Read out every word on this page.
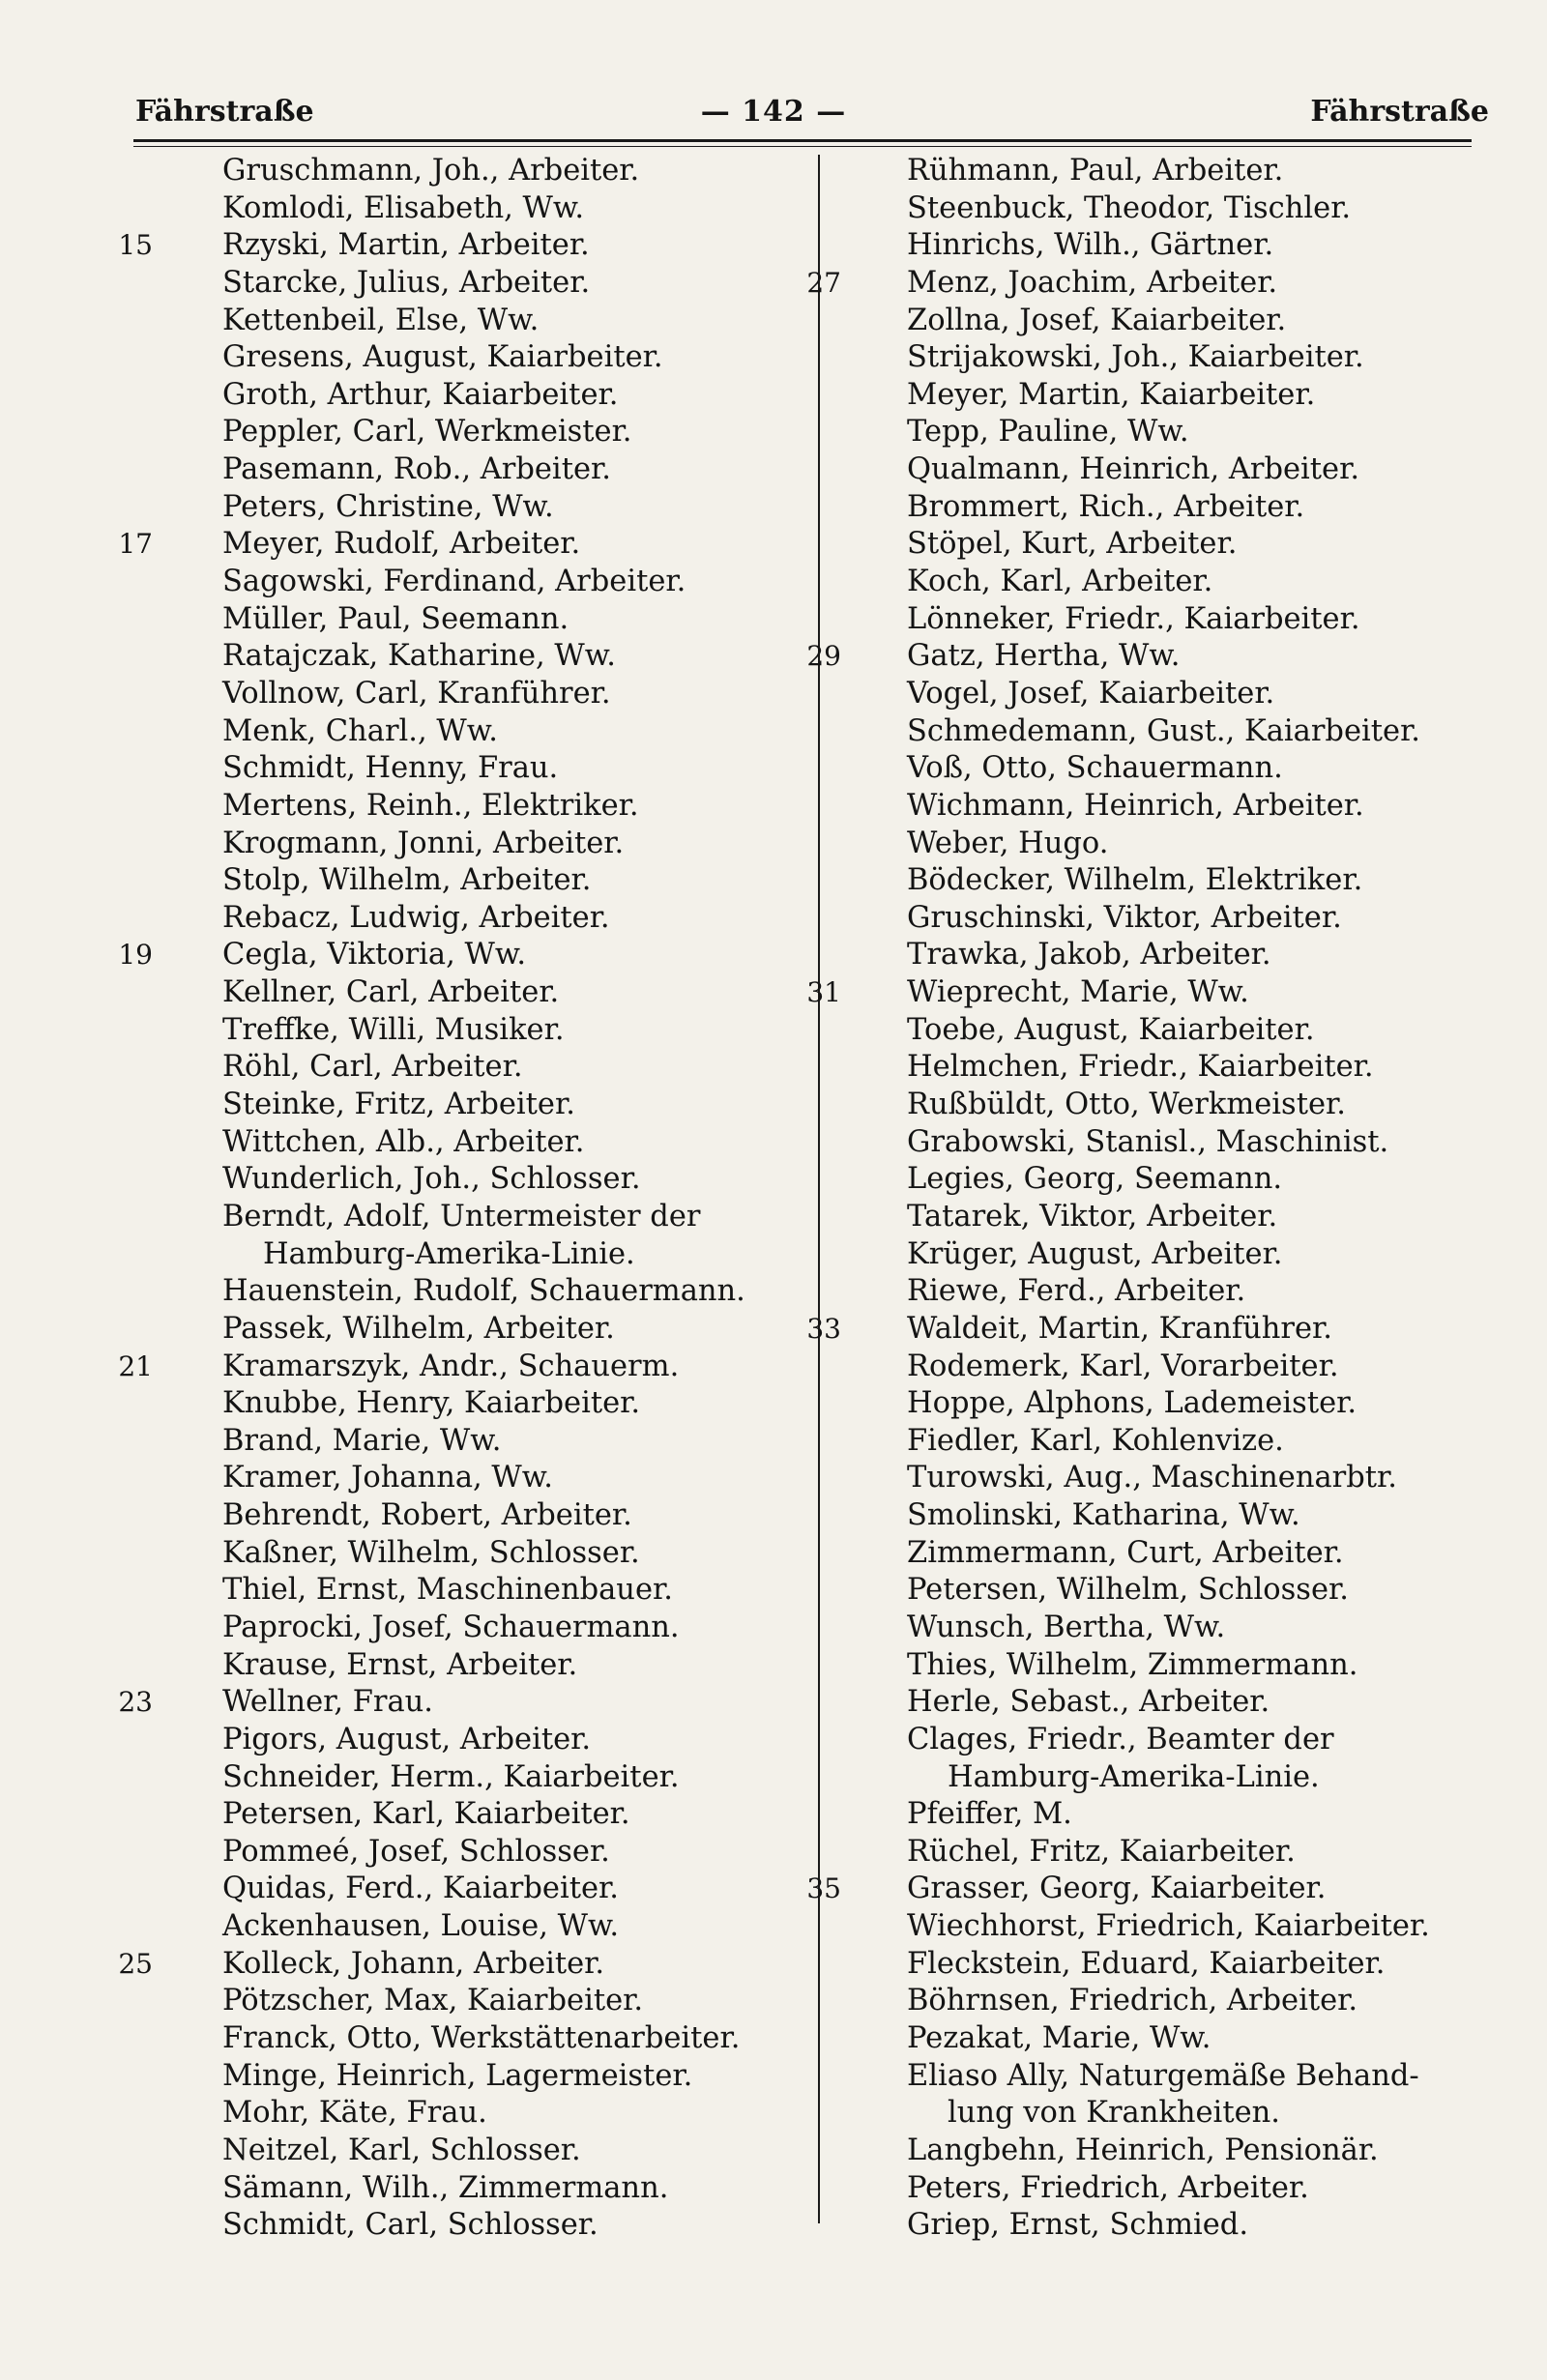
Fährstraße	— 142 —	Fährstraße
Gruschmann, Joh., Arbeiter.
Komlodi, Elisabeth, Ww.
15 Rzyski, Martin, Arbeiter.
Starcke, Julius, Arbeiter.
Kettenbeil, Else, Ww.
Gresens, August, Kaiarbeiter.
Groth, Arthur, Kaiarbeiter.
Peppler, Carl, Werkmeister.
Pasemann, Rob., Arbeiter.
Peters, Christine, Ww.
17 Meyer, Rudolf, Arbeiter.
Sagowski, Ferdinand, Arbeiter.
Müller, Paul, Seemann.
Ratajczak, Katharine, Ww.
Vollnow, Carl, Kranführer.
Menk, Charl., Ww.
Schmidt, Henny, Frau.
Mertens, Reinh., Elektriker.
Krogmann, Jonni, Arbeiter.
Stolp, Wilhelm, Arbeiter.
Rebacz, Ludwig, Arbeiter.
19 Cegla, Viktoria, Ww.
Kellner, Carl, Arbeiter.
Treffke, Willi, Musiker.
Röhl, Carl, Arbeiter.
Steinke, Fritz, Arbeiter.
Wittchen, Alb., Arbeiter.
Wunderlich, Joh., Schlosser.
Berndt, Adolf, Untermeister der
Hamburg-Amerika-Linie.
Hauenstein, Rudolf, Schauermann.
Passek, Wilhelm, Arbeiter.
21 Kramarszyk, Andr., Schauerm.
Knubbe, Henry, Kaiarbeiter.
Brand, Marie, Ww.
Kramer, Johanna, Ww.
Behrendt, Robert, Arbeiter.
Kaßner, Wilhelm, Schlosser.
Thiel, Ernst, Maschinenbauer.
Paprocki, Josef, Schauermann.
Krause, Ernst, Arbeiter.
23 Wellner, Frau.
Pigors, August, Arbeiter.
Schneider, Herm., Kaiarbeiter.
Petersen, Karl, Kaiarbeiter.
Pommeé, Josef, Schlosser.
Quidas, Ferd., Kaiarbeiter.
Ackenhausen, Louise, Ww.
25 Kolleck, Johann, Arbeiter.
Pötzscher, Max, Kaiarbeiter.
Franck, Otto, Werkstättenarbeiter.
Minge, Heinrich, Lagermeister.
Mohr, Käte, Frau.
Neitzel, Karl, Schlosser.
Sämann, Wilh., Zimmermann.
Schmidt, Carl, Schlosser.
Rühmann, Paul, Arbeiter.
Steenbuck, Theodor, Tischler.
Hinrichs, Wilh., Gärtner.
27 Menz, Joachim, Arbeiter.
Zollna, Josef, Kaiarbeiter.
Strijakowski, Joh., Kaiarbeiter.
Meyer, Martin, Kaiarbeiter.
Tepp, Pauline, Ww.
Qualmann, Heinrich, Arbeiter.
Brommert, Rich., Arbeiter.
Stöpel, Kurt, Arbeiter.
Koch, Karl, Arbeiter.
Lönneker, Friedr., Kaiarbeiter.
29 Gatz, Hertha, Ww.
Vogel, Josef, Kaiarbeiter.
Schmedemann, Gust., Kaiarbeiter.
Voß, Otto, Schauermann.
Wichmann, Heinrich, Arbeiter.
Weber, Hugo.
Bödecker, Wilhelm, Elektriker.
Gruschinski, Viktor, Arbeiter.
Trawka, Jakob, Arbeiter.
31 Wieprecht, Marie, Ww.
Toebe, August, Kaiarbeiter.
Helmchen, Friedr., Kaiarbeiter.
Rußbüldt, Otto, Werkmeister.
Grabowski, Stanisl., Maschinist.
Legies, Georg, Seemann.
Tatarek, Viktor, Arbeiter.
Krüger, August, Arbeiter.
Riewe, Ferd., Arbeiter.
33 Waldeit, Martin, Kranführer.
Rodemerk, Karl, Vorarbeiter.
Hoppe, Alphons, Lademeister.
Fiedler, Karl, Kohlenvize.
Turowski, Aug., Maschinenarbtr.
Smolinski, Katharina, Ww.
Zimmermann, Curt, Arbeiter.
Petersen, Wilhelm, Schlosser.
Wunsch, Bertha, Ww.
Thies, Wilhelm, Zimmermann.
Herle, Sebast., Arbeiter.
Clages, Friedr., Beamter der
Hamburg-Amerika-Linie.
Pfeiffer, M.
Rüchel, Fritz, Kaiarbeiter.
35 Grasser, Georg, Kaiarbeiter.
Wiechhorst, Friedrich, Kaiarbeiter.
Fleckstein, Eduard, Kaiarbeiter.
Böhrnsen, Friedrich, Arbeiter.
Pezakat, Marie, Ww.
Eliaso Ally, Naturgemäße Behand-
lung von Krankheiten.
Langbehn, Heinrich, Pensionär.
Peters, Friedrich, Arbeiter.
Griep, Ernst, Schmied.
